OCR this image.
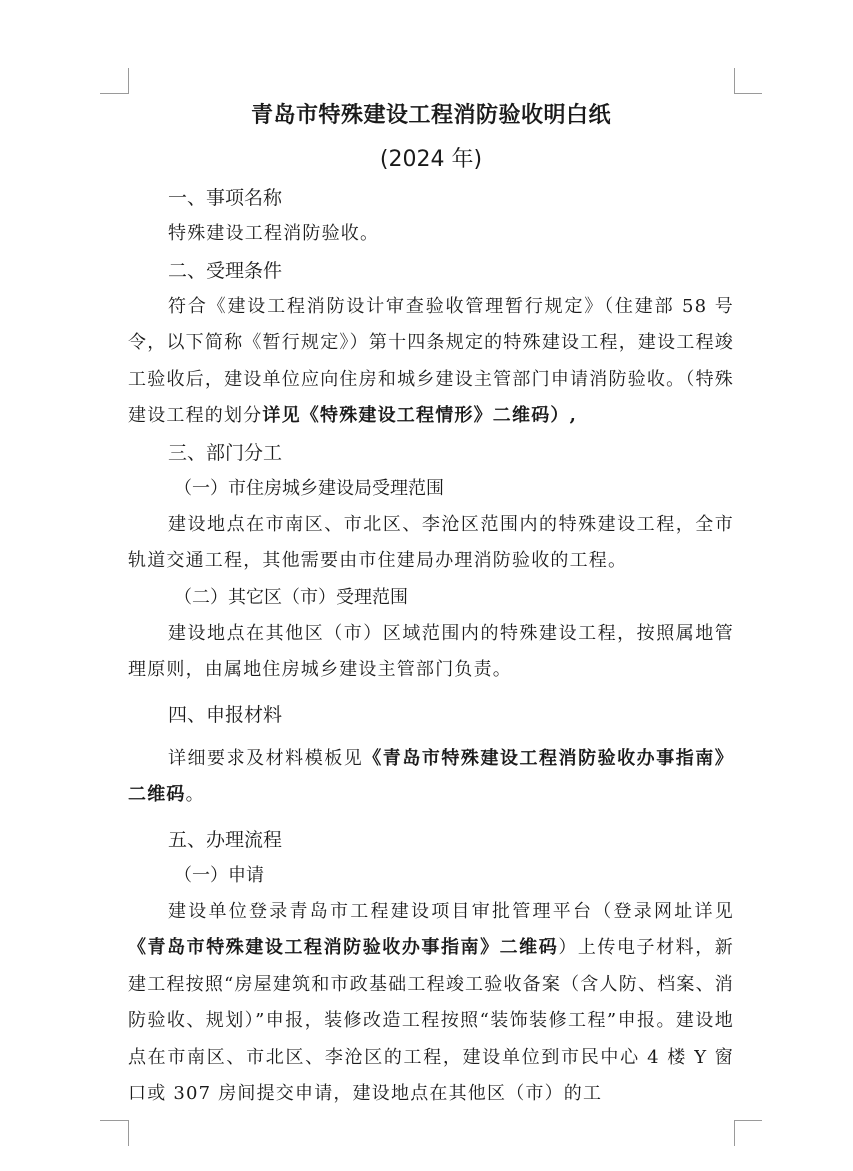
青岛市特殊建设工程消防验收明白纸
(2024 年)
一、事项名称

特殊建设工程消防验收。

二、受理条件

符合《建设工程消防设计审查验收管理暂行规定》（住建部 58 号令，以下简称《暂行规定》）第十四条规定的特殊建设工程，建设工程竣工验收后，建设单位应向住房和城乡建设主管部门申请消防验收。（特殊建设工程的划分详见《特殊建设工程情形》二维码）,

三、部门分工
（一）市住房城乡建设局受理范围

建设地点在市南区、市北区、李沧区范围内的特殊建设工程，全市轨道交通工程，其他需要由市住建局办理消防验收的工程。

（二）其它区（市）受理范围

建设地点在其他区（市）区域范围内的特殊建设工程，按照属地管理原则，由属地住房城乡建设主管部门负责。

四、申报材料

详细要求及材料模板见《青岛市特殊建设工程消防验收办事指南》二维码。

五、办理流程
（一）申请

建设单位登录青岛市工程建设项目审批管理平台（登录网址详见《青岛市特殊建设工程消防验收办事指南》二维码）上传电子材料，新建工程按照“房屋建筑和市政基础工程竣工验收备案（含人防、档案、消防验收、规划）”申报，装修改造工程按照“装饰装修工程”申报。建设地点在市南区、市北区、李沧区的工程，建设单位到市民中心 4 楼 Y 窗口或 307 房间提交申请，建设地点在其他区（市）的工
